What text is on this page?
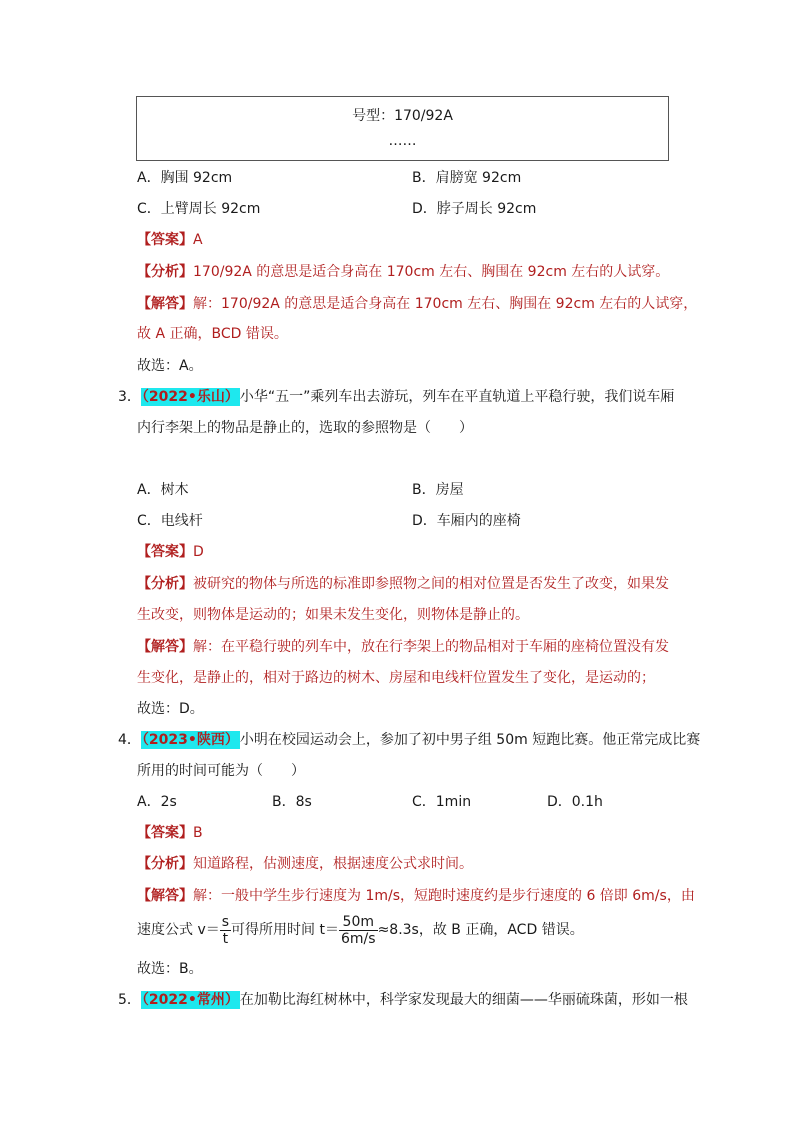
号型：170/92A
……
A．胸围 92cm	B．肩膀宽 92cm
C．上臂周长 92cm	D．脖子周长 92cm
【答案】A
【分析】170/92A 的意思是适合身高在 170cm 左右、胸围在 92cm 左右的人试穿。
【解答】解：170/92A 的意思是适合身高在 170cm 左右、胸围在 92cm 左右的人试穿，
故 A 正确，BCD 错误。
故选：A。
3．（2022•乐山）小华“五一”乘列车出去游玩，列车在平直轨道上平稳行驶，我们说车厢
内行李架上的物品是静止的，选取的参照物是（　　）
A．树木	B．房屋
C．电线杆	D．车厢内的座椅
【答案】D
【分析】被研究的物体与所选的标准即参照物之间的相对位置是否发生了改变，如果发
生改变，则物体是运动的；如果未发生变化，则物体是静止的。
【解答】解：在平稳行驶的列车中，放在行李架上的物品相对于车厢的座椅位置没有发
生变化，是静止的，相对于路边的树木、房屋和电线杆位置发生了变化，是运动的；
故选：D。
4．（2023•陕西）小明在校园运动会上，参加了初中男子组 50m 短跑比赛。他正常完成比赛
所用的时间可能为（　　）
A．2s	B．8s	C．1min	D．0.1h
【答案】B
【分析】知道路程，估测速度，根据速度公式求时间。
【解答】解：一般中学生步行速度为 1m/s，短跑时速度约是步行速度的 6 倍即 6m/s，由
速度公式 $v= \frac{s}{t}$ 可得所用时间 $t= \frac{50m}{6m/s} \approx 8.3s$，故 B 正确，ACD 错误。
故选：B。
5．（2022•常州）在加勒比海红树林中，科学家发现最大的细菌——华丽硫珠菌，形如一根
